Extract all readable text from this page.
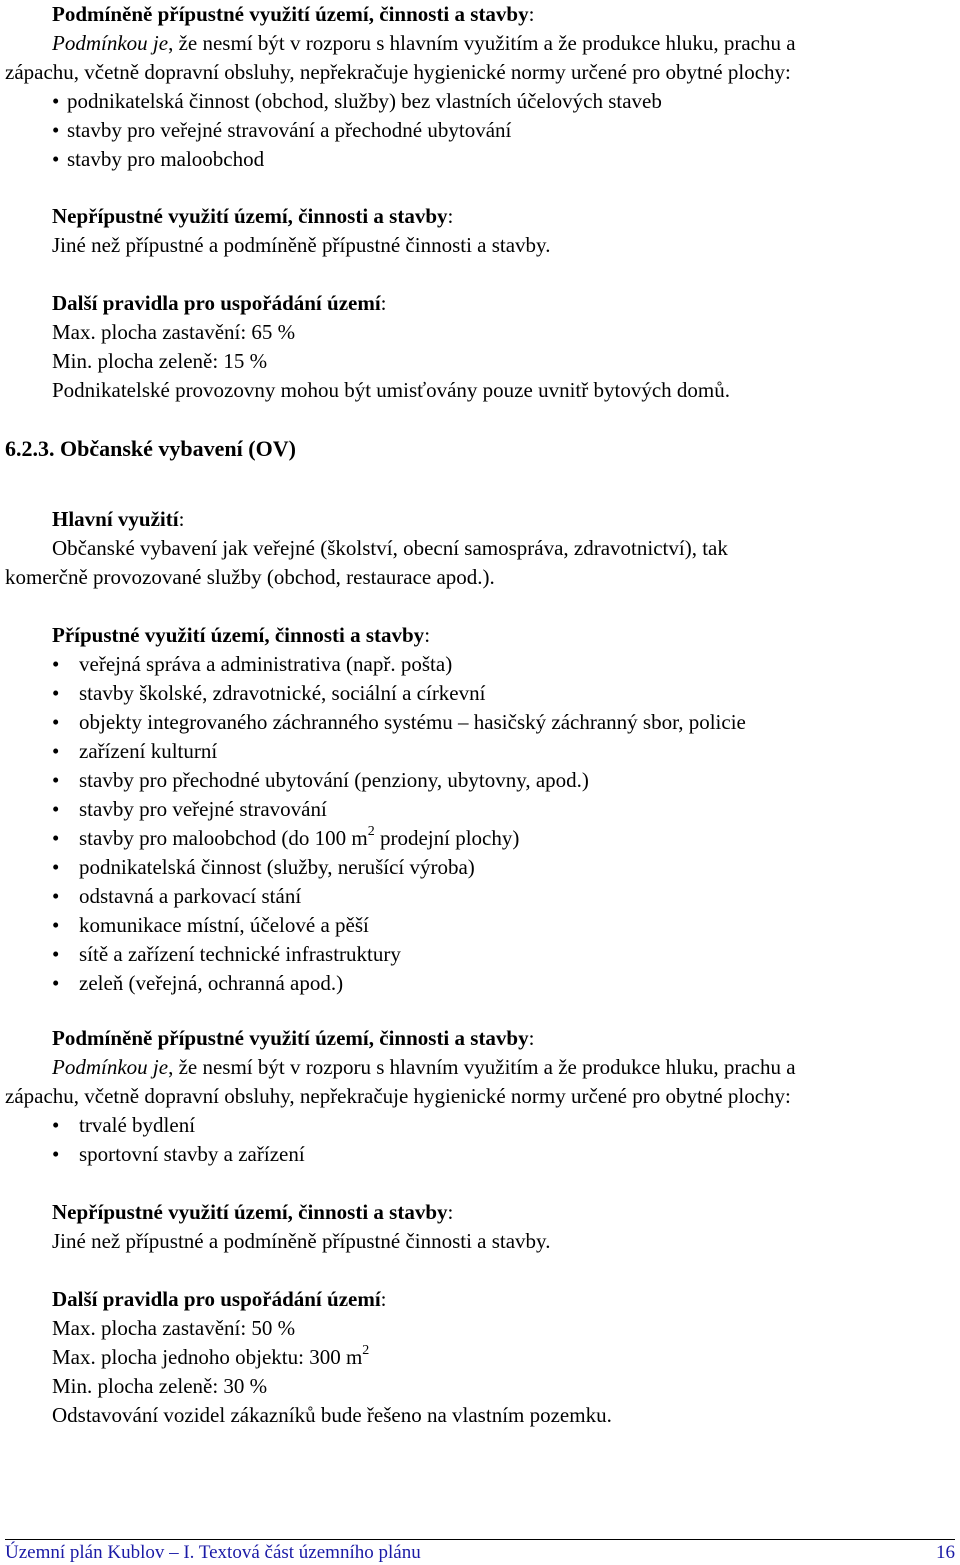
Podmíněně přípustné využití území, činnosti a stavby:
Podmínkou je, že nesmí být v rozporu s hlavním využitím a že produkce hluku, prachu a
zápachu, včetně dopravní obsluhy, nepřekračuje hygienické normy určené pro obytné plochy:
• podnikatelská činnost (obchod, služby) bez vlastních účelových staveb
• stavby pro veřejné stravování a přechodné ubytování
• stavby pro maloobchod
Nepřípustné využití území, činnosti a stavby:
Jiné než přípustné a podmíněně přípustné činnosti a stavby.
Další pravidla pro uspořádání území:
Max. plocha zastavění: 65 %
Min. plocha zeleně: 15 %
Podnikatelské provozovny mohou být umisťovány pouze uvnitř bytových domů.
6.2.3. Občanské vybavení (OV)
Hlavní využití:
Občanské vybavení jak veřejné (školství, obecní samospráva, zdravotnictví), tak
komerčně provozované služby (obchod, restaurace apod.).
Přípustné využití území, činnosti a stavby:
• veřejná správa a administrativa (např. pošta)
• stavby školské, zdravotnické, sociální a církevní
• objekty integrovaného záchranného systému – hasičský záchranný sbor, policie
• zařízení kulturní
• stavby pro přechodné ubytování (penziony, ubytovny, apod.)
• stavby pro veřejné stravování
• stavby pro maloobchod (do 100 $m^2$ prodejní plochy)
• podnikatelská činnost (služby, nerušící výroba)
• odstavná a parkovací stání
• komunikace místní, účelové a pěší
• sítě a zařízení technické infrastruktury
• zeleň (veřejná, ochranná apod.)
Podmíněně přípustné využití území, činnosti a stavby:
Podmínkou je, že nesmí být v rozporu s hlavním využitím a že produkce hluku, prachu a
zápachu, včetně dopravní obsluhy, nepřekračuje hygienické normy určené pro obytné plochy:
• trvalé bydlení
• sportovní stavby a zařízení
Nepřípustné využití území, činnosti a stavby:
Jiné než přípustné a podmíněně přípustné činnosti a stavby.
Další pravidla pro uspořádání území:
Max. plocha zastavění: 50 %
Max. plocha jednoho objektu: 300 $m^2$
Min. plocha zeleně: 30 %
Odstavování vozidel zákazníků bude řešeno na vlastním pozemku.
Územní plán Kublov – I. Textová část územního plánu	16
